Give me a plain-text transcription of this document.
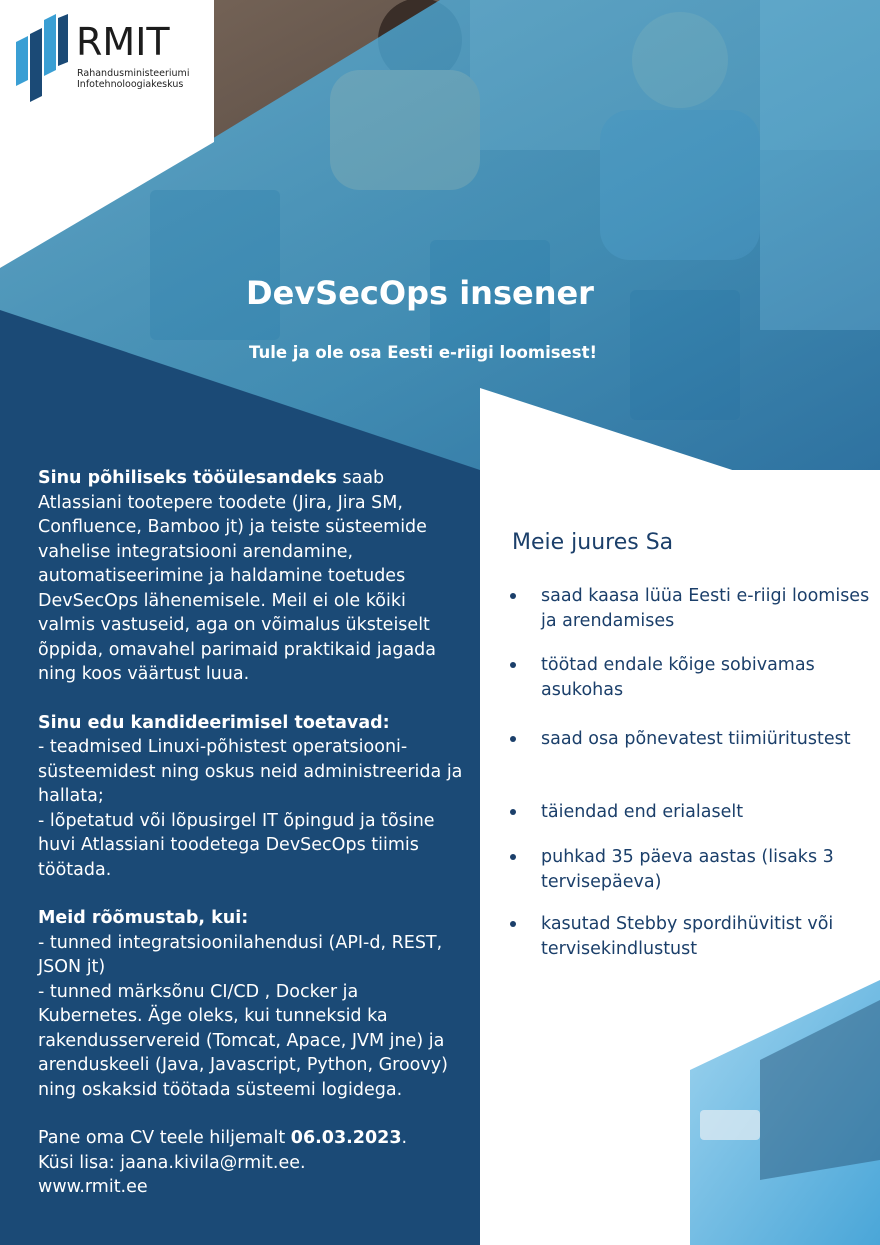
RMIT
Rahandusministeeriumi
Infotehnoloogiakeskus
DevSecOps insener
Tule ja ole osa Eesti e-riigi loomisest!

Sinu põhiliseks tööülesandeks saab Atlassiani tootepere toodete (Jira, Jira SM, Confluence, Bamboo jt) ja teiste süsteemide vahelise integratsiooni arendamine, automatiseerimine ja haldamine toetudes DevSecOps lähenemisele. Meil ei ole kõiki valmis vastuseid, aga on võimalus üksteiselt õppida, omavahel parimaid praktikaid jagada ning koos väärtust luua.

Sinu edu kandideerimisel toetavad:

- teadmised Linuxi-põhistest operatsiooni-süsteemidest ning oskus neid administreerida ja hallata;

- lõpetatud või lõpusirgel IT õpingud ja tõsine huvi Atlassiani toodetega DevSecOps tiimis töötada.

Meid rõõmustab, kui:

- tunned integratsioonilahendusi (API-d, REST, JSON jt)

- tunned märksõnu CI/CD , Docker ja Kubernetes. Äge oleks, kui tunneksid ka rakendusservereid (Tomcat, Apace, JVM jne) ja arenduskeeli (Java, Javascript, Python, Groovy) ning oskaksid töötada süsteemi logidega.

Pane oma CV teele hiljemalt 06.03.2023.

Küsi lisa: jaana.kivila@rmit.ee.

www.rmit.ee

Meie juures Sa
saad kaasa lüüa Eesti e-riigi loomises ja arendamises
töötad endale kõige sobivamas asukohas
saad osa põnevatest tiimiüritustest
täiendad end erialaselt
puhkad 35 päeva aastas (lisaks 3 tervisepäeva)
kasutad Stebby spordihüvitist või tervisekindlustust
